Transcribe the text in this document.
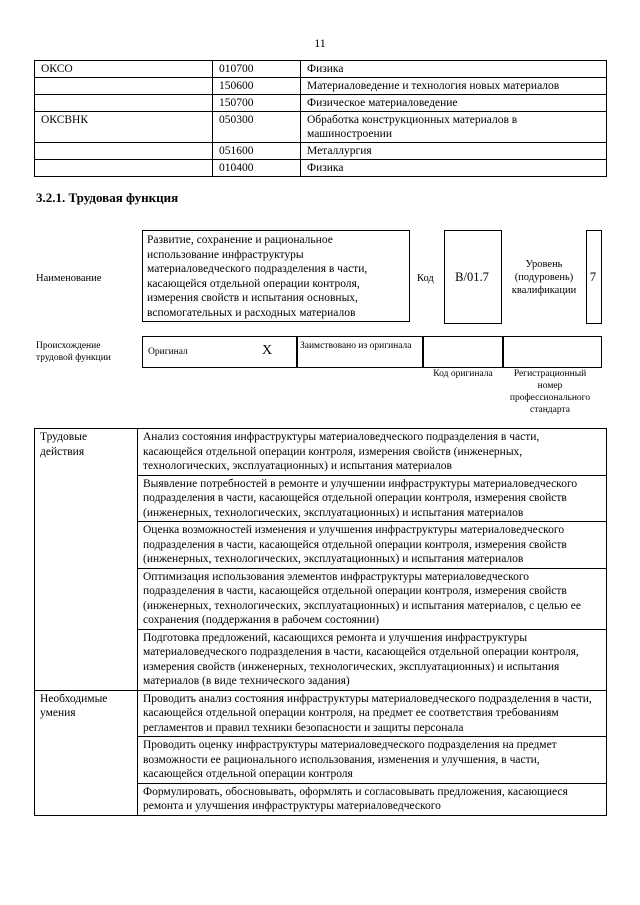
11
ОКСО	010700	Физика
	150600	Материаловедение и технология новых материалов
	150700	Физическое материаловедение
ОКСВНК	050300	Обработка конструкционных материалов в машиностроении
	051600	Металлургия
	010400	Физика
3.2.1. Трудовая функция
Наименование
Развитие, сохранение и рациональное использование инфраструктуры материаловедческого подразделения в части, касающейся отдельной операции контроля, измерения свойств и испытания основных, вспомогательных и расходных материалов
Код	B/01.7
Уровень (подуровень) квалификации
7
Происхождение трудовой функции
Оригинал	X	Заимствовано из оригинала
Код оригинала	Регистрационный номер профессионального стандарта
Трудовые действия	Анализ состояния инфраструктуры материаловедческого подразделения в части, касающейся отдельной операции контроля, измерения свойств (инженерных, технологических, эксплуатационных) и испытания материалов
	Выявление потребностей в ремонте и улучшении инфраструктуры материаловедческого подразделения в части, касающейся отдельной операции контроля, измерения свойств (инженерных, технологических, эксплуатационных) и испытания материалов
	Оценка возможностей изменения и улучшения инфраструктуры материаловедческого подразделения в части, касающейся отдельной операции контроля, измерения свойств (инженерных, технологических, эксплуатационных) и испытания материалов
	Оптимизация использования элементов инфраструктуры материаловедческого подразделения в части, касающейся отдельной операции контроля, измерения свойств (инженерных, технологических, эксплуатационных) и испытания материалов, с целью ее сохранения (поддержания в рабочем состоянии)
	Подготовка предложений, касающихся ремонта и улучшения инфраструктуры материаловедческого подразделения в части, касающейся отдельной операции контроля, измерения свойств (инженерных, технологических, эксплуатационных) и испытания материалов (в виде технического задания)
Необходимые умения	Проводить анализ состояния инфраструктуры материаловедческого подразделения в части, касающейся отдельной операции контроля, на предмет ее соответствия требованиям регламентов и правил техники безопасности и защиты персонала
	Проводить оценку инфраструктуры материаловедческого подразделения на предмет возможности ее рационального использования, изменения и улучшения, в части, касающейся отдельной операции контроля
	Формулировать, обосновывать, оформлять и согласовывать предложения, касающиеся ремонта и улучшения инфраструктуры материаловедческого
